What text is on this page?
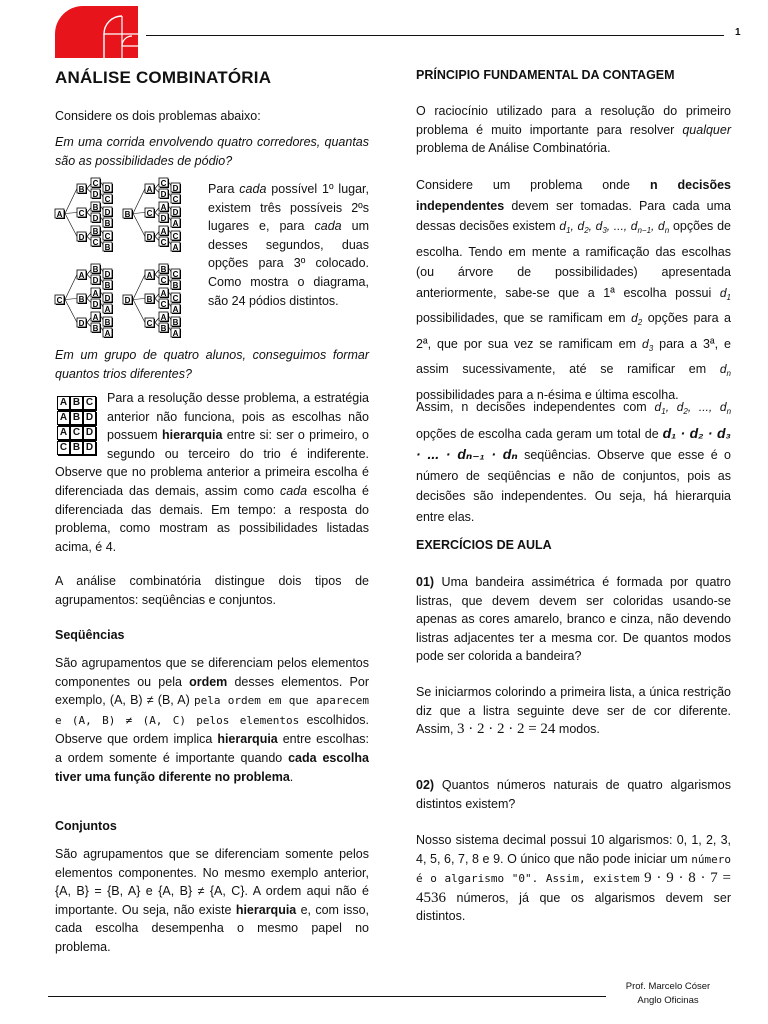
1
ANÁLISE COMBINATÓRIA

Considere os dois problemas abaixo:

Em uma corrida envolvendo quatro corredores, quantas são as possibilidades de pódio?

C
D
D
C
B
B
D
D
B
C
B
C
C
B
D
A
C
D
D
C
A
A
D
D
A
C
A
C
C
A
D
B
B
D
D
B
A
A
D
D
A
B
A
B
B
A
D
C
B
C
C
B
A
A
C
C
A
B
A
B
B
A
C
D
Para cada possível 1º lugar, existem três possíveis 2ºs lugares e, para cada um desses segundos, duas opções para 3º colocado. Como mostra o diagrama, são 24 pódios distintos.

Em um grupo de quatro alunos, conseguimos formar quantos trios diferentes?

A B C
A B D
A C D
C B D
Para a resolução desse problema, a estratégia anterior não funciona, pois as escolhas não possuem hierarquia entre si: ser o primeiro, o segundo ou terceiro do trio é indiferente. Observe que no problema anterior a primeira escolha é diferenciada das demais, assim como cada escolha é diferenciada das demais. Em tempo: a resposta do problema, como mostram as possibilidades listadas acima, é 4.

A análise combinatória distingue dois tipos de agrupamentos: seqüências e conjuntos.

Seqüências
São agrupamentos que se diferenciam pelos elementos componentes ou pela ordem desses elementos. Por exemplo, (A, B) ≠ (B, A) pela ordem em que aparecem e (A, B) ≠ (A, C) pelos elementos escolhidos. Observe que ordem implica hierarquia entre escolhas: a ordem somente é importante quando cada escolha tiver uma função diferente no problema.
Conjuntos
São agrupamentos que se diferenciam somente pelos elementos componentes. No mesmo exemplo anterior, {A, B} = {B, A} e {A, B} ≠ {A, C}. A ordem aqui não é importante. Ou seja, não existe hierarquia e, com isso, cada escolha desempenha o mesmo papel no problema.
PRÍNCIPIO FUNDAMENTAL DA CONTAGEM
O raciocínio utilizado para a resolução do primeiro problema é muito importante para resolver qualquer problema de Análise Combinatória.
Considere um problema onde n decisões independentes devem ser tomadas. Para cada uma dessas decisões existem $d_1$, $d_2$, $d_3$, ..., $d_{n-1}$, $d_n$ opções de escolha. Tendo em mente a ramificação das escolhas (ou árvore de possibilidades) apresentada anteriormente, sabe-se que a 1ª escolha possui $d_1$ possibilidades, que se ramificam em $d_2$ opções para a 2ª, que por sua vez se ramificam em $d_3$ para a 3ª, e assim sucessivamente, até se ramificar em $d_n$ possibilidades para a n-ésima e última escolha.
Assim, n decisões independentes com $d_1$, $d_2$, ..., $d_n$ opções de escolha cada geram um total de d₁ · d₂ · d₃ · ... · dₙ₋₁ · dₙ seqüências. Observe que esse é o número de seqüências e não de conjuntos, pois as decisões são independentes. Ou seja, há hierarquia entre elas.
EXERCÍCIOS DE AULA
01) Uma bandeira assimétrica é formada por quatro listras, que devem devem ser coloridas usando-se apenas as cores amarelo, branco e cinza, não devendo listras adjacentes ter a mesma cor. De quantos modos pode ser colorida a bandeira?
Se iniciarmos colorindo a primeira lista, a única restrição diz que a listra seguinte deve ser de cor diferente. Assim, 3 · 2 · 2 · 2 = 24 modos.
02) Quantos números naturais de quatro algarismos distintos existem?
Nosso sistema decimal possui 10 algarismos: 0, 1, 2, 3, 4, 5, 6, 7, 8 e 9. O único que não pode iniciar um número é o algarismo "0". Assim, existem 9 · 9 · 8 · 7 = 4536 números, já que os algarismos devem ser distintos.
Prof. Marcelo Cóser
Anglo Oficinas
